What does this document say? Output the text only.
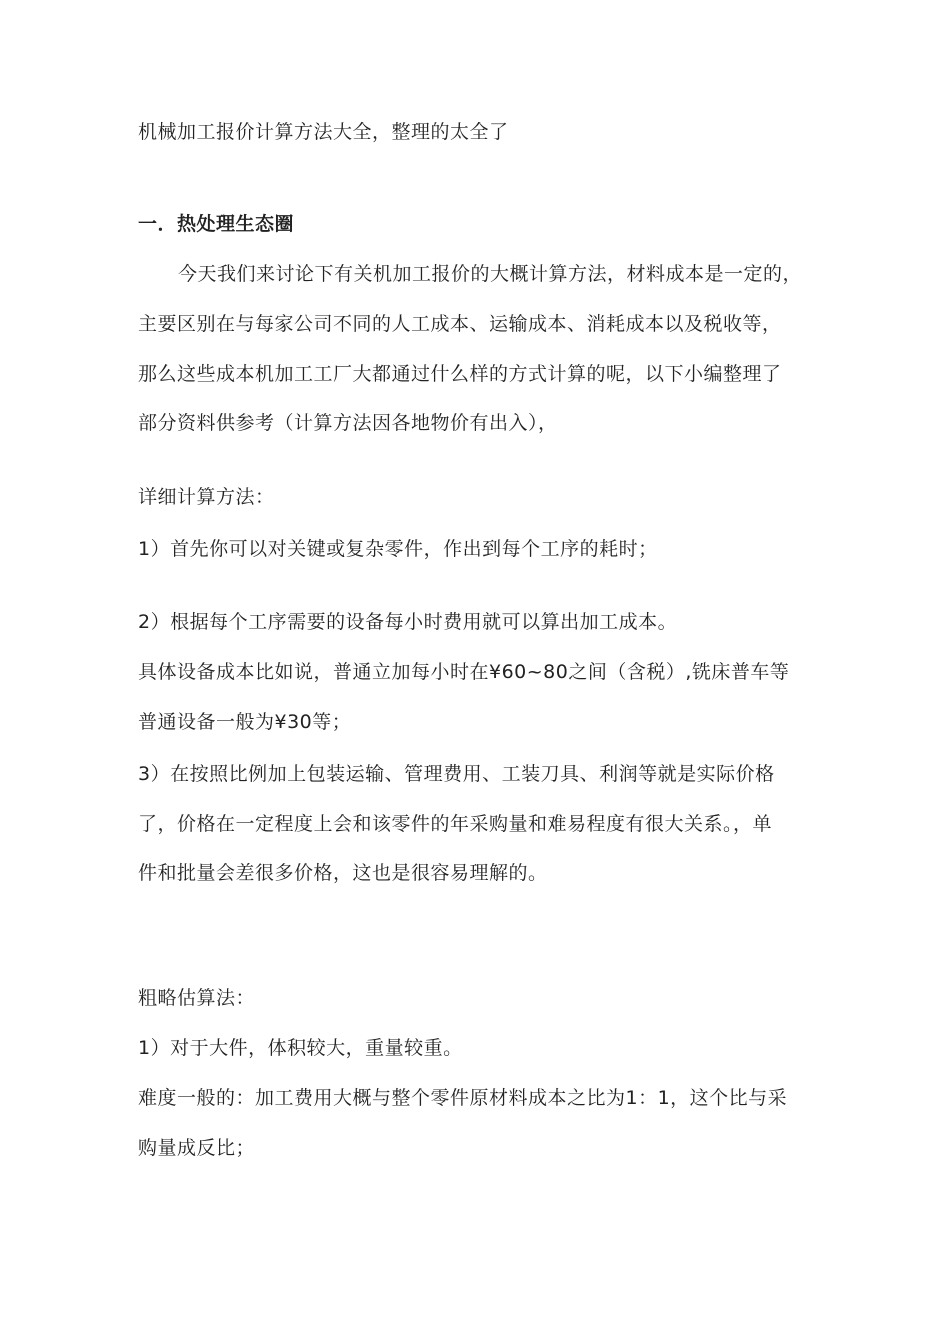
机械加工报价计算方法大全，整理的太全了
一．热处理生态圈
今天我们来讨论下有关机加工报价的大概计算方法，材料成本是一定的，
主要区别在与每家公司不同的人工成本、运输成本、消耗成本以及税收等，
那么这些成本机加工工厂大都通过什么样的方式计算的呢，以下小编整理了
部分资料供参考（计算方法因各地物价有出入），
详细计算方法：
1）首先你可以对关键或复杂零件，作出到每个工序的耗时；
2）根据每个工序需要的设备每小时费用就可以算出加工成本。
具体设备成本比如说，普通立加每小时在¥60~80之间（含税）,铣床普车等
普通设备一般为¥30等；
3）在按照比例加上包装运输、管理费用、工装刀具、利润等就是实际价格
了，价格在一定程度上会和该零件的年采购量和难易程度有很大关系。，单
件和批量会差很多价格，这也是很容易理解的。
粗略估算法：
1）对于大件，体积较大，重量较重。
难度一般的：加工费用大概与整个零件原材料成本之比为1：1，这个比与采
购量成反比；
